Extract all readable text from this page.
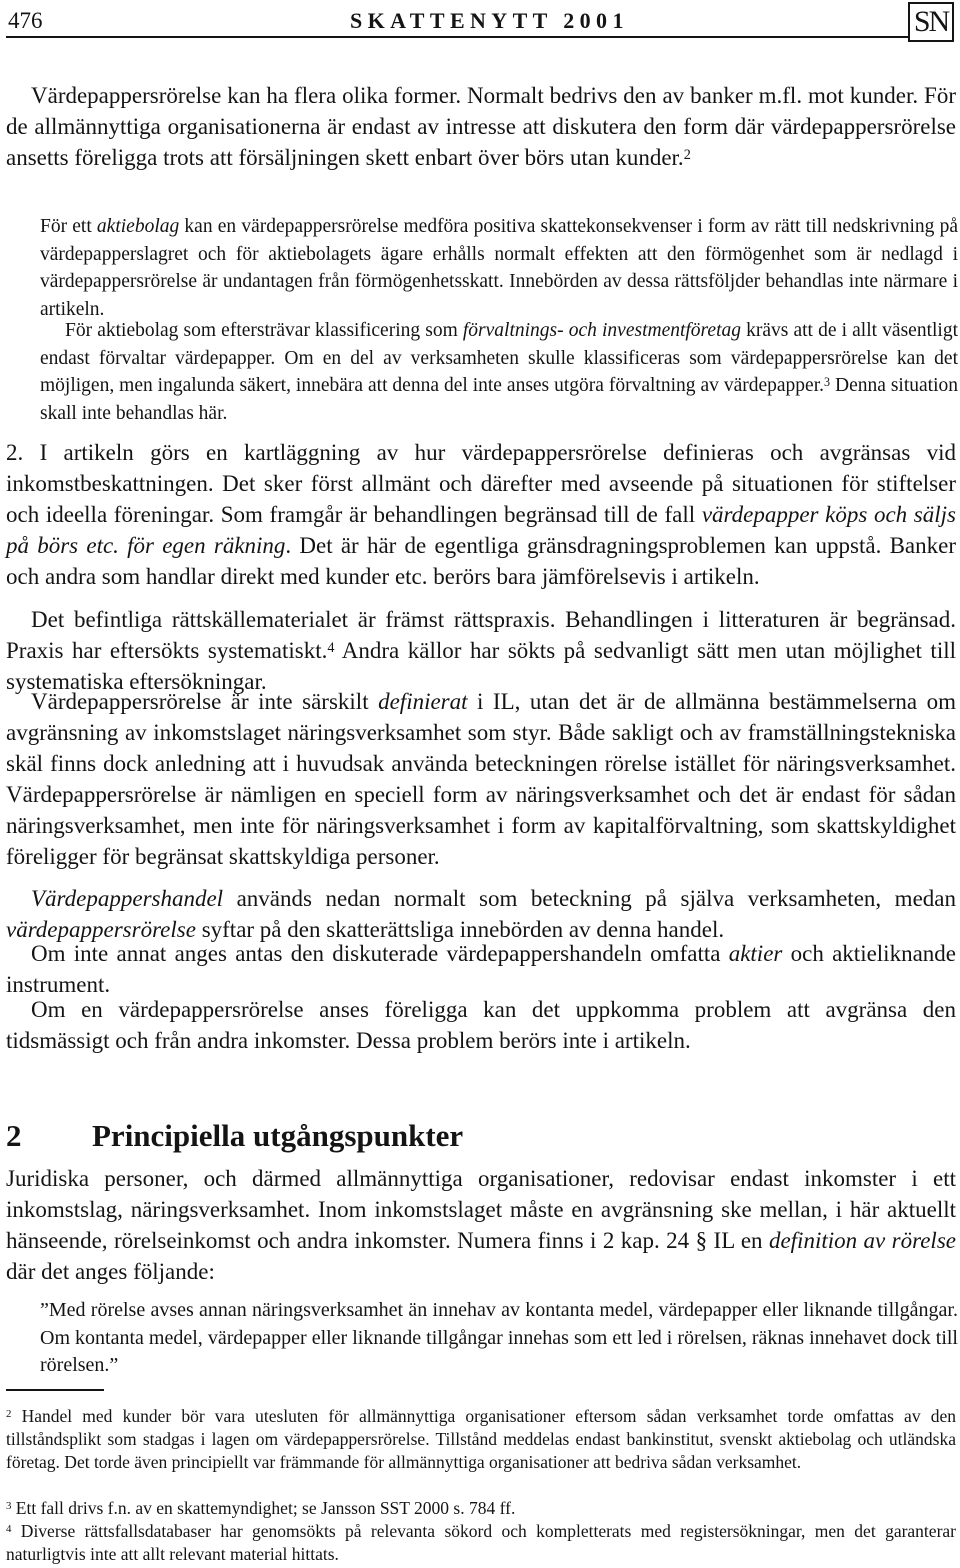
476	SKATTENYTT 2001	SN

Värdepappersrörelse kan ha flera olika former. Normalt bedrivs den av banker m.fl. mot kunder. För de allmännyttiga organisationerna är endast av intresse att diskutera den form där värdepappersrörelse ansetts föreligga trots att försäljningen skett enbart över börs utan kunder.$^2$

För ett aktiebolag kan en värdepappersrörelse medföra positiva skattekonsekvenser i form av rätt till nedskrivning på värdepapperslagret och för aktiebolagets ägare erhålls normalt effekten att den förmögenhet som är nedlagd i värdepappersrörelse är undantagen från förmögenhetsskatt. Innebörden av dessa rättsföljder behandlas inte närmare i artikeln.

För aktiebolag som eftersträvar klassificering som förvaltnings- och investmentföretag krävs att de i allt väsentligt endast förvaltar värdepapper. Om en del av verksamheten skulle klassificeras som värdepappersrörelse kan det möjligen, men ingalunda säkert, innebära att denna del inte anses utgöra förvaltning av värdepapper.$^3$ Denna situation skall inte behandlas här.

2. I artikeln görs en kartläggning av hur värdepappersrörelse definieras och avgränsas vid inkomstbeskattningen. Det sker först allmänt och därefter med avseende på situationen för stiftelser och ideella föreningar. Som framgår är behandlingen begränsad till de fall värdepapper köps och säljs på börs etc. för egen räkning. Det är här de egentliga gränsdragningsproblemen kan uppstå. Banker och andra som handlar direkt med kunder etc. berörs bara jämförelsevis i artikeln.

Det befintliga rättskällematerialet är främst rättspraxis. Behandlingen i litteraturen är begränsad. Praxis har eftersökts systematiskt.$^4$ Andra källor har sökts på sedvanligt sätt men utan möjlighet till systematiska eftersökningar.

Värdepappersrörelse är inte särskilt definierat i IL, utan det är de allmänna bestämmelserna om avgränsning av inkomstslaget näringsverksamhet som styr. Både sakligt och av framställningstekniska skäl finns dock anledning att i huvudsak använda beteckningen rörelse istället för näringsverksamhet. Värdepappersrörelse är nämligen en speciell form av näringsverksamhet och det är endast för sådan näringsverksamhet, men inte för näringsverksamhet i form av kapitalförvaltning, som skattskyldighet föreligger för begränsat skattskyldiga personer.

Värdepappershandel används nedan normalt som beteckning på själva verksamheten, medan värdepappersrörelse syftar på den skatterättsliga innebörden av denna handel.

Om inte annat anges antas den diskuterade värdepappershandeln omfatta aktier och aktieliknande instrument.

Om en värdepappersrörelse anses föreligga kan det uppkomma problem att avgränsa den tidsmässigt och från andra inkomster. Dessa problem berörs inte i artikeln.

2 Principiella utgångspunkter

Juridiska personer, och därmed allmännyttiga organisationer, redovisar endast inkomster i ett inkomstslag, näringsverksamhet. Inom inkomstslaget måste en avgränsning ske mellan, i här aktuellt hänseende, rörelseinkomst och andra inkomster. Numera finns i 2 kap. 24 § IL en definition av rörelse där det anges följande:

”Med rörelse avses annan näringsverksamhet än innehav av kontanta medel, värdepapper eller liknande tillgångar. Om kontanta medel, värdepapper eller liknande tillgångar innehas som ett led i rörelsen, räknas innehavet dock till rörelsen.”

$^2$ Handel med kunder bör vara utesluten för allmännyttiga organisationer eftersom sådan verksamhet torde omfattas av den tillståndsplikt som stadgas i lagen om värdepappersrörelse. Tillstånd meddelas endast bankinstitut, svenskt aktiebolag och utländska företag. Det torde även principiellt var främmande för allmännyttiga organisationer att bedriva sådan verksamhet.

$^3$ Ett fall drivs f.n. av en skattemyndighet; se Jansson SST 2000 s. 784 ff.

$^4$ Diverse rättsfallsdatabaser har genomsökts på relevanta sökord och kompletterats med registersökningar, men det garanterar naturligtvis inte att allt relevant material hittats.
